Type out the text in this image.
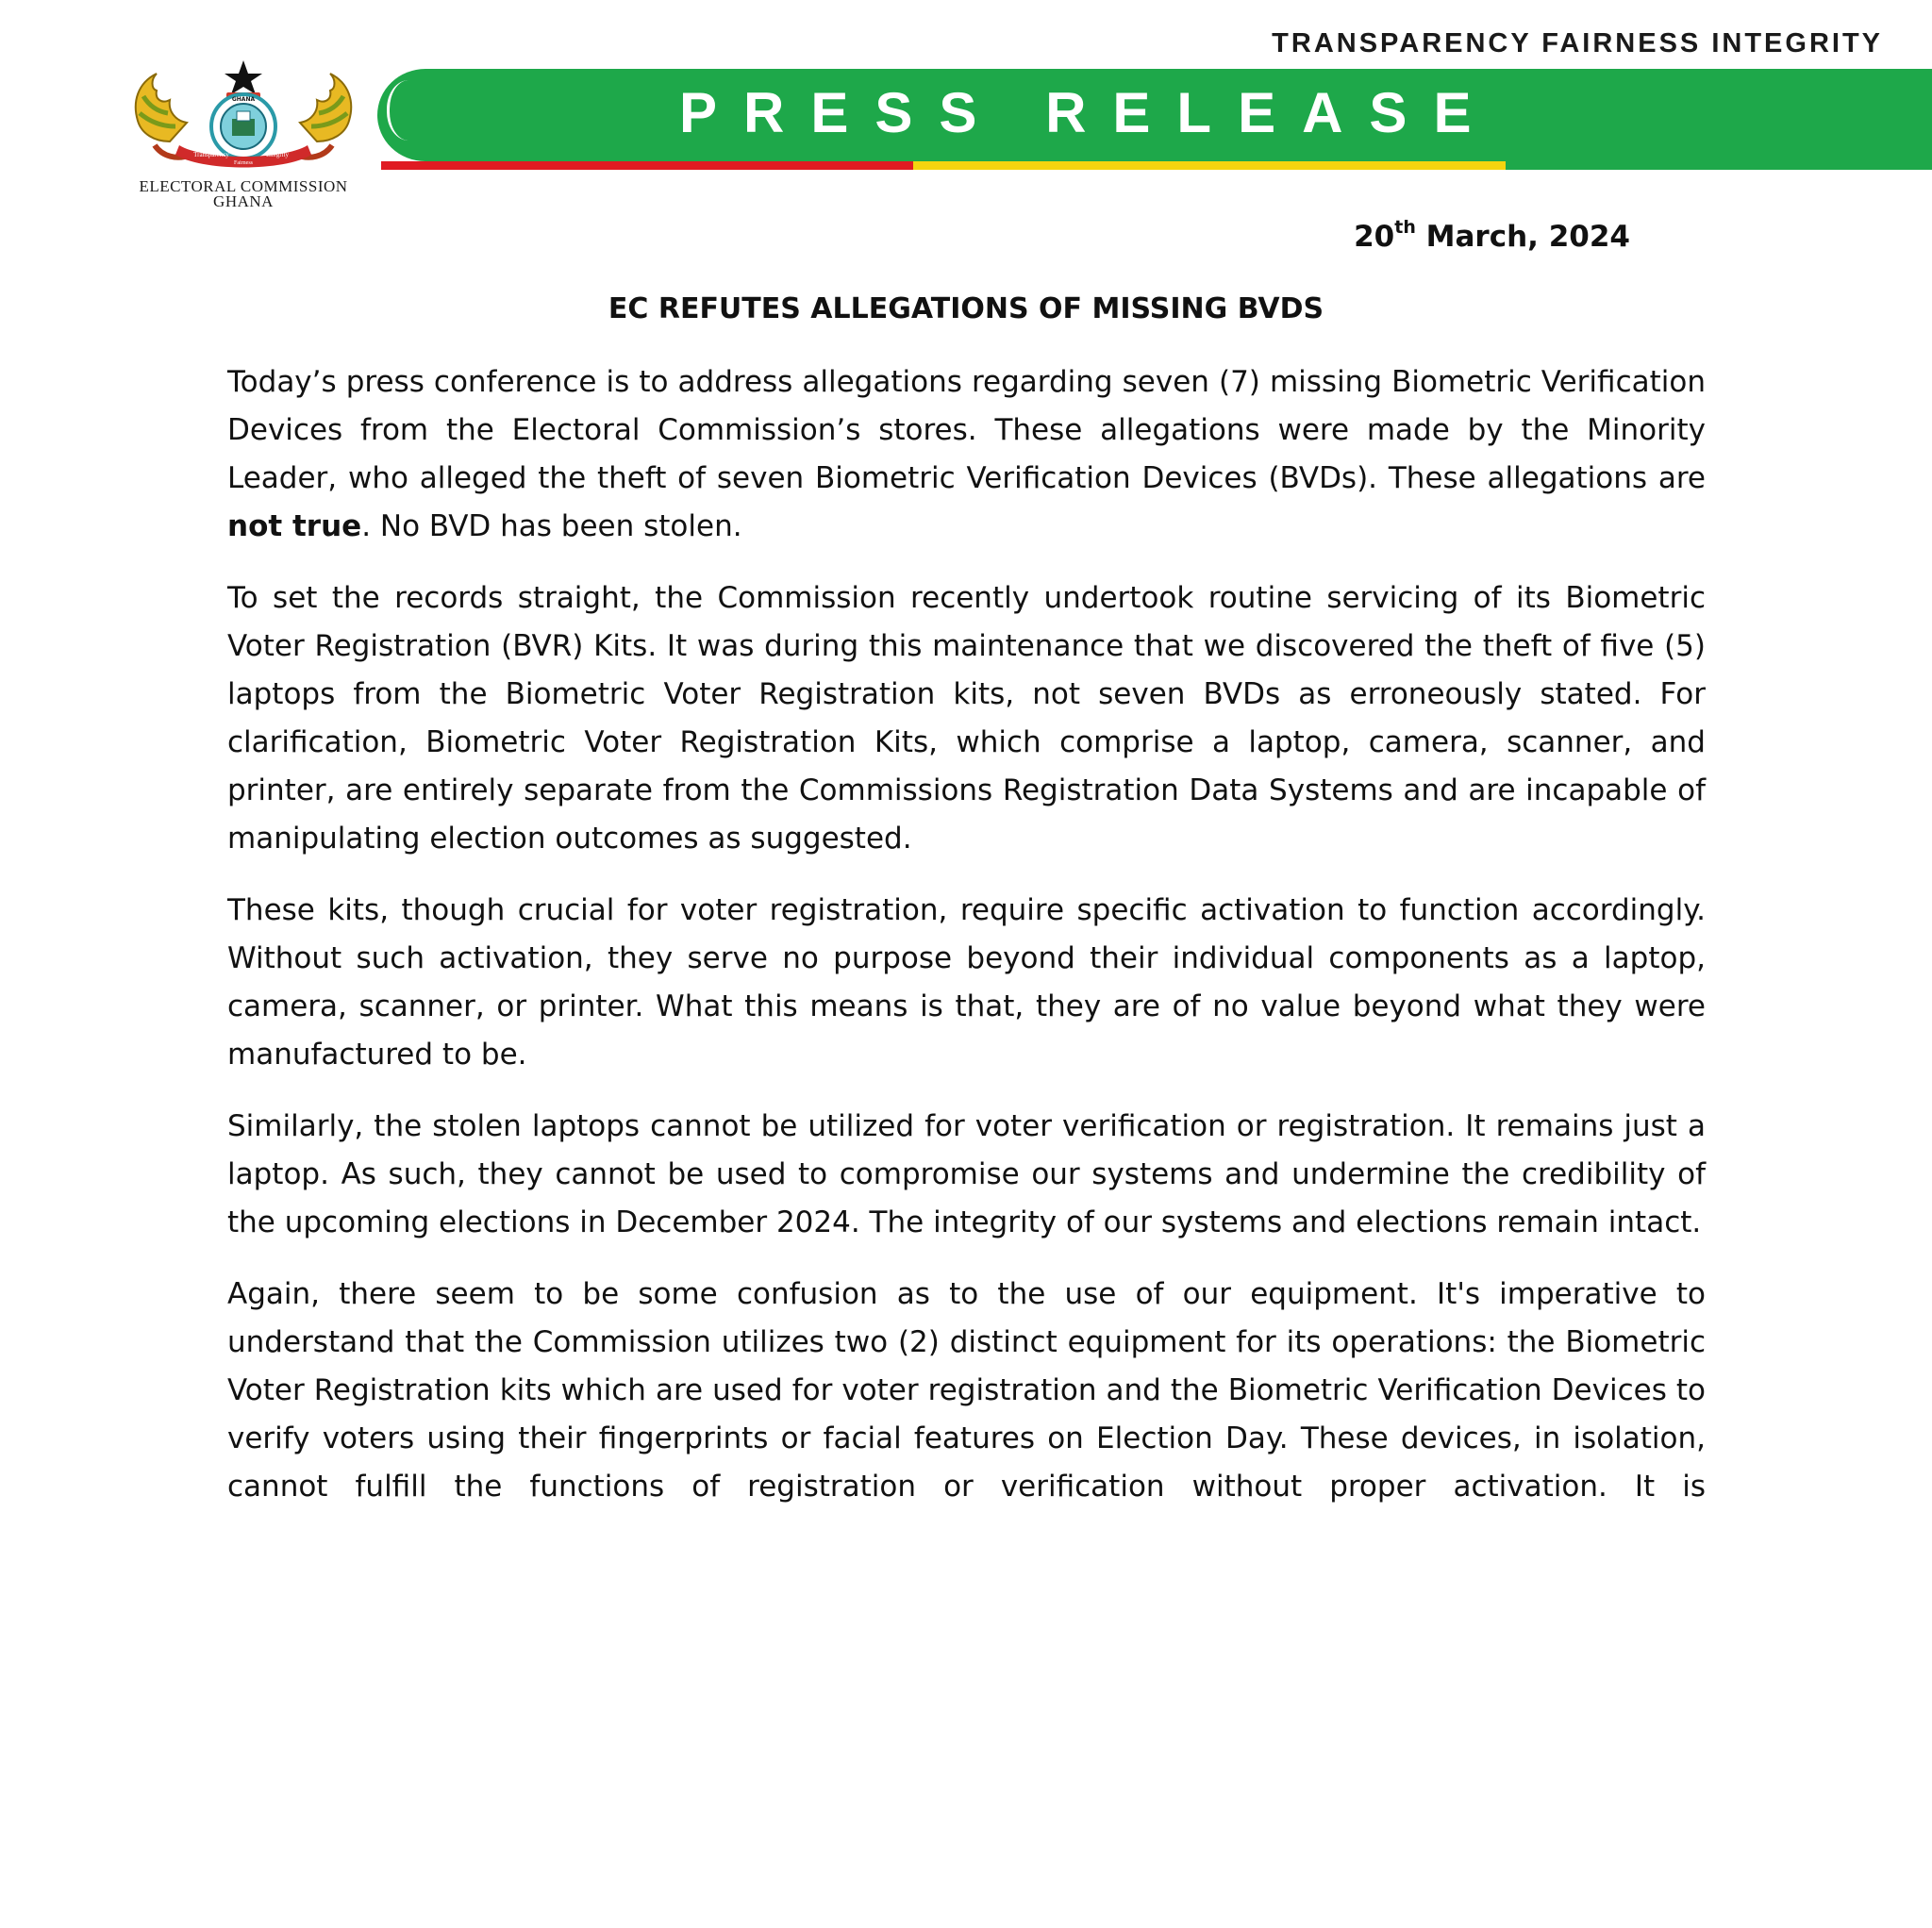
TRANSPARENCY FAIRNESS INTEGRITY
GHANA
Transparency	Integrity
Fairness
ELECTORAL COMMISSION
GHANA
PRESS RELEASE

20th March, 2024

EC REFUTES ALLEGATIONS OF MISSING BVDS

Today’s press conference is to address allegations regarding seven (7) missing Biometric Verification Devices from the Electoral Commission’s stores. These allegations were made by the Minority Leader, who alleged the theft of seven Biometric Verification Devices (BVDs). These allegations are not true. No BVD has been stolen.

To set the records straight, the Commission recently undertook routine servicing of its Biometric Voter Registration (BVR) Kits. It was during this maintenance that we discovered the theft of five (5) laptops from the Biometric Voter Registration kits, not seven BVDs as erroneously stated. For clarification, Biometric Voter Registration Kits, which comprise a laptop, camera, scanner, and printer, are entirely separate from the Commissions Registration Data Systems and are incapable of manipulating election outcomes as suggested.

These kits, though crucial for voter registration, require specific activation to function accordingly. Without such activation, they serve no purpose beyond their individual components as a laptop, camera, scanner, or printer. What this means is that, they are of no value beyond what they were manufactured to be.

Similarly, the stolen laptops cannot be utilized for voter verification or registration. It remains just a laptop. As such, they cannot be used to compromise our systems and undermine the credibility of the upcoming elections in December 2024. The integrity of our systems and elections remain intact.

Again, there seem to be some confusion as to the use of our equipment. It's imperative to understand that the Commission utilizes two (2) distinct equipment for its operations: the Biometric Voter Registration kits which are used for voter registration and the Biometric Verification Devices to verify voters using their fingerprints or facial features on Election Day. These devices, in isolation, cannot fulfill the functions of registration or verification without proper activation. It is
